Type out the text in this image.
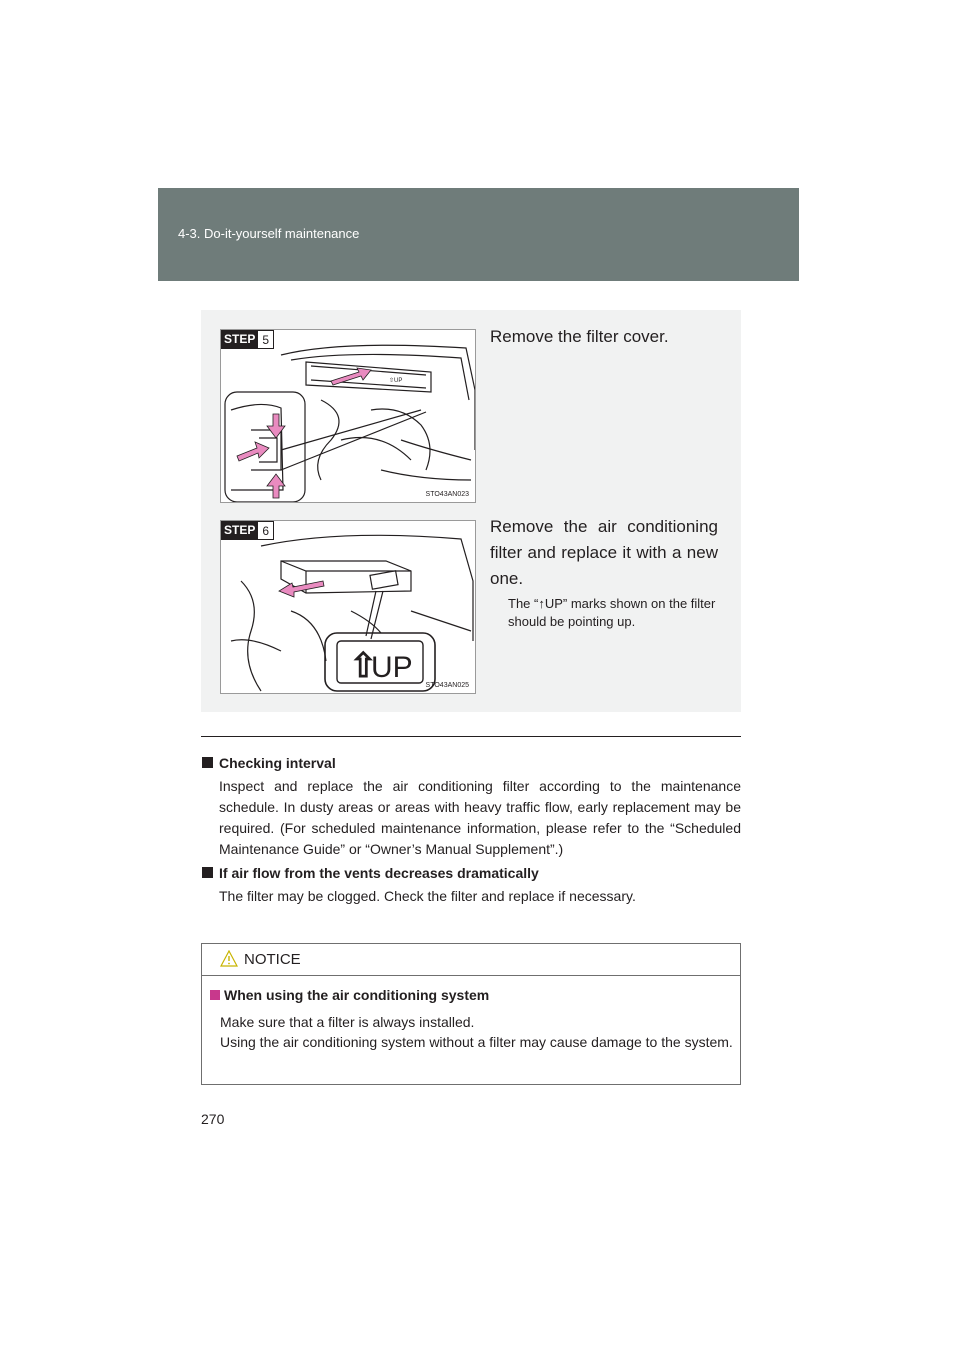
4-3. Do-it-yourself maintenance
⇧UP
STEP 5
STO43AN023
Remove the filter cover.
⇧
UP
STEP 6
STO43AN025
Remove the air conditioning filter and replace it with a new one.
The “↑UP” marks shown on the filter should be pointing up.
Checking interval
Inspect and replace the air conditioning filter according to the maintenance schedule. In dusty areas or areas with heavy traffic flow, early replacement may be required. (For scheduled maintenance information, please refer to the “Scheduled Maintenance Guide” or “Owner’s Manual Supplement”.)
If air flow from the vents decreases dramatically
The filter may be clogged. Check the filter and replace if necessary.
NOTICE
When using the air conditioning system
Make sure that a filter is always installed.
Using the air conditioning system without a filter may cause damage to the system.
270
